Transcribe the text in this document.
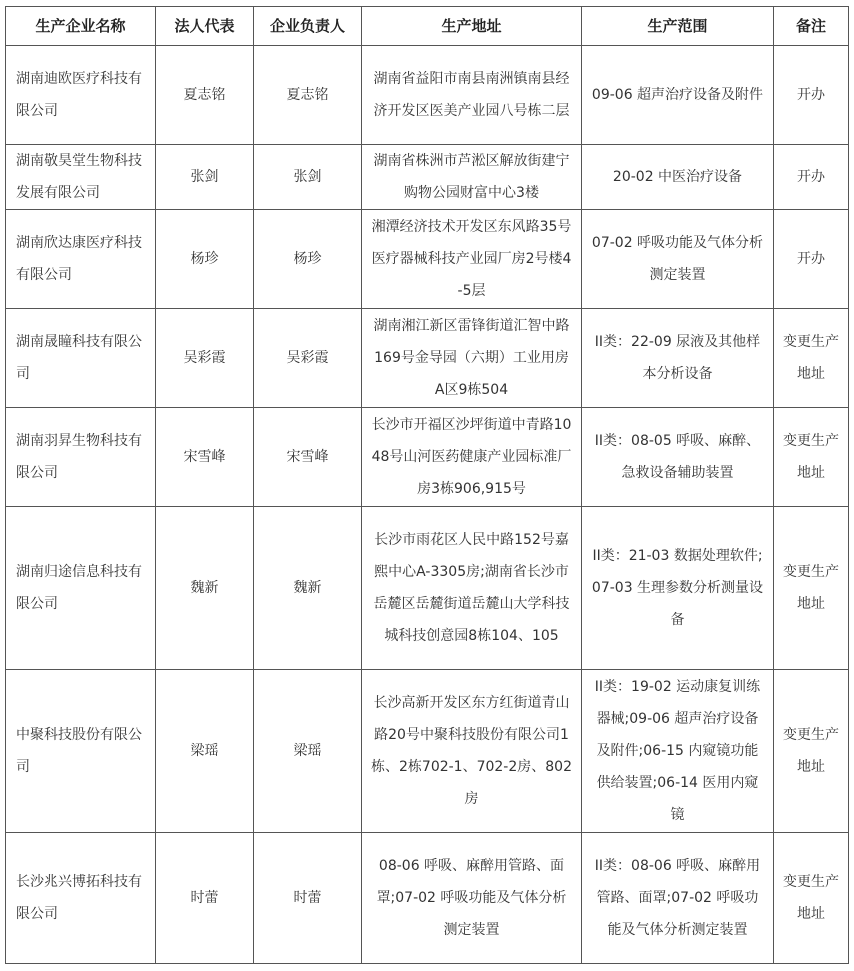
生产企业名称	法人代表	企业负责人	生产地址	生产范围	备注
湖南迪欧医疗科技有限公司	夏志铭	夏志铭	湖南省益阳市南县南洲镇南县经济开发区医美产业园八号栋二层	09-06 超声治疗设备及附件	开办
湖南敬昊堂生物科技发展有限公司	张剑	张剑	湖南省株洲市芦淞区解放街建宁购物公园财富中心3楼	20-02 中医治疗设备	开办
湖南欣达康医疗科技有限公司	杨珍	杨珍	湘潭经济技术开发区东风路35号医疗器械科技产业园厂房2号楼4-5层	07-02 呼吸功能及气体分析测定装置	开办
湖南晟瞳科技有限公司	吴彩霞	吴彩霞	湖南湘江新区雷锋街道汇智中路169号金导园（六期）工业用房A区9栋504	II类：22-09 尿液及其他样本分析设备	变更生产地址
湖南羽昇生物科技有限公司	宋雪峰	宋雪峰	长沙市开福区沙坪街道中青路1048号山河医药健康产业园标准厂房3栋906,915号	II类：08-05 呼吸、麻醉、急救设备辅助装置	变更生产地址
湖南归途信息科技有限公司	魏新	魏新	长沙市雨花区人民中路152号嘉熙中心A-3305房;湖南省长沙市岳麓区岳麓街道岳麓山大学科技城科技创意园8栋104、105	II类：21-03 数据处理软件;07-03 生理参数分析测量设备	变更生产地址
中聚科技股份有限公司	梁瑶	梁瑶	长沙高新开发区东方红街道青山路20号中聚科技股份有限公司1栋、2栋702-1、702-2房、802房	II类：19-02 运动康复训练器械;09-06 超声治疗设备及附件;06-15 内窥镜功能供给装置;06-14 医用内窥镜	变更生产地址
长沙兆兴博拓科技有限公司	时蕾	时蕾	08-06 呼吸、麻醉用管路、面罩;07-02 呼吸功能及气体分析测定装置	II类：08-06 呼吸、麻醉用管路、面罩;07-02 呼吸功能及气体分析测定装置	变更生产地址
